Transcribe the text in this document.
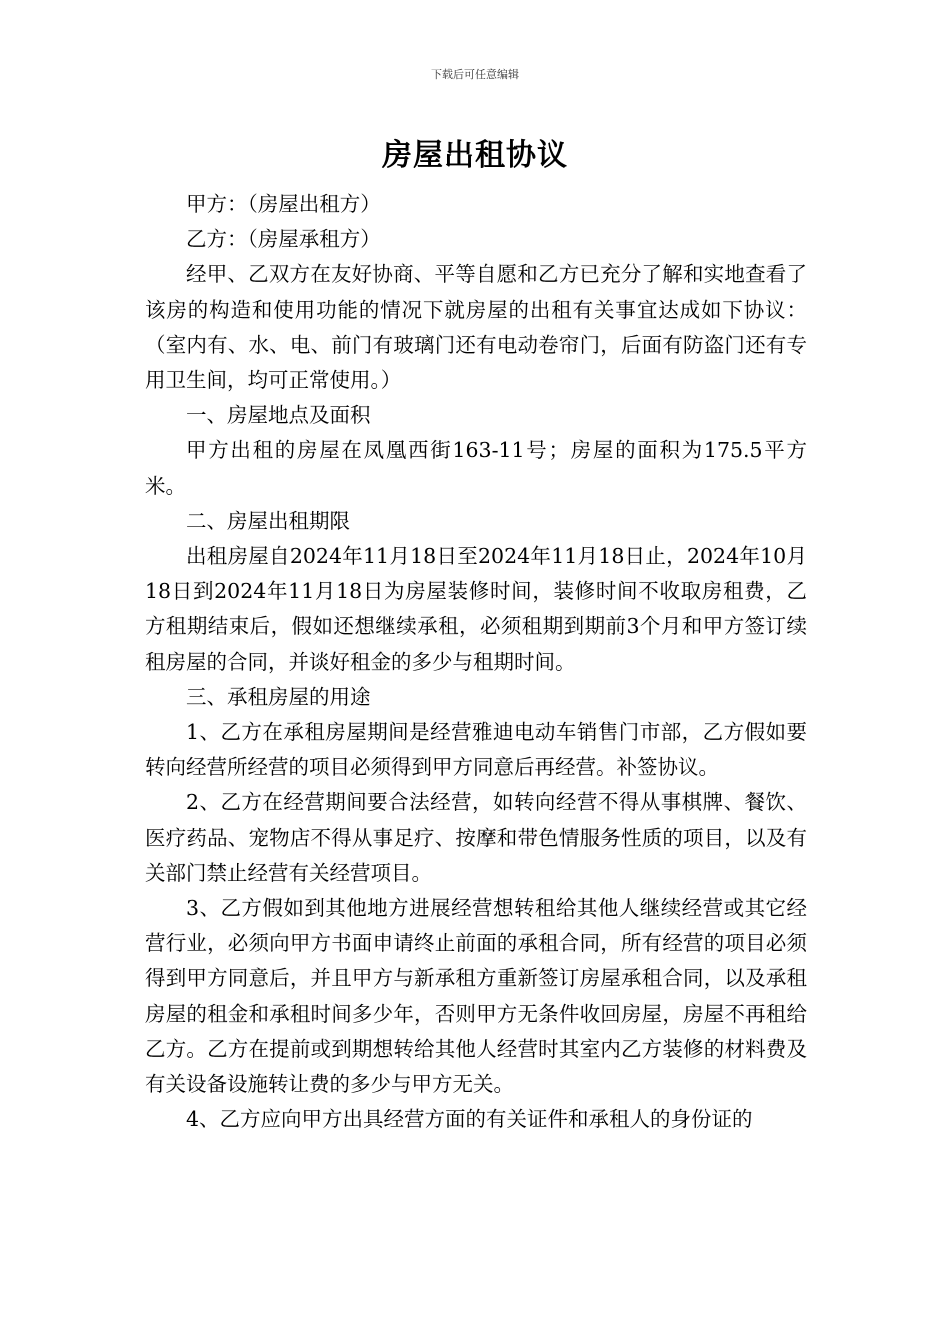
下载后可任意编辑
房屋出租协议

甲方：（房屋出租方）

乙方：（房屋承租方）

经甲、乙双方在友好协商、平等自愿和乙方已充分了解和实地查看了该房的构造和使用功能的情况下就房屋的出租有关事宜达成如下协议：（室内有、水、电、前门有玻璃门还有电动卷帘门，后面有防盗门还有专用卫生间，均可正常使用。）

一、房屋地点及面积

甲方出租的房屋在凤凰西街163-11号；房屋的面积为175.5平方米。

二、房屋出租期限

出租房屋自2024年11月18日至2024年11月18日止，2024年10月18日到2024年11月18日为房屋装修时间，装修时间不收取房租费，乙方租期结束后，假如还想继续承租，必须租期到期前3个月和甲方签订续租房屋的合同，并谈好租金的多少与租期时间。

三、承租房屋的用途

1、乙方在承租房屋期间是经营雅迪电动车销售门市部，乙方假如要转向经营所经营的项目必须得到甲方同意后再经营。补签协议。

2、乙方在经营期间要合法经营，如转向经营不得从事棋牌、餐饮、医疗药品、宠物店不得从事足疗、按摩和带色情服务性质的项目，以及有关部门禁止经营有关经营项目。

3、乙方假如到其他地方进展经营想转租给其他人继续经营或其它经营行业，必须向甲方书面申请终止前面的承租合同，所有经营的项目必须得到甲方同意后，并且甲方与新承租方重新签订房屋承租合同，以及承租房屋的租金和承租时间多少年，否则甲方无条件收回房屋，房屋不再租给乙方。乙方在提前或到期想转给其他人经营时其室内乙方装修的材料费及有关设备设施转让费的多少与甲方无关。

4、乙方应向甲方出具经营方面的有关证件和承租人的身份证的
